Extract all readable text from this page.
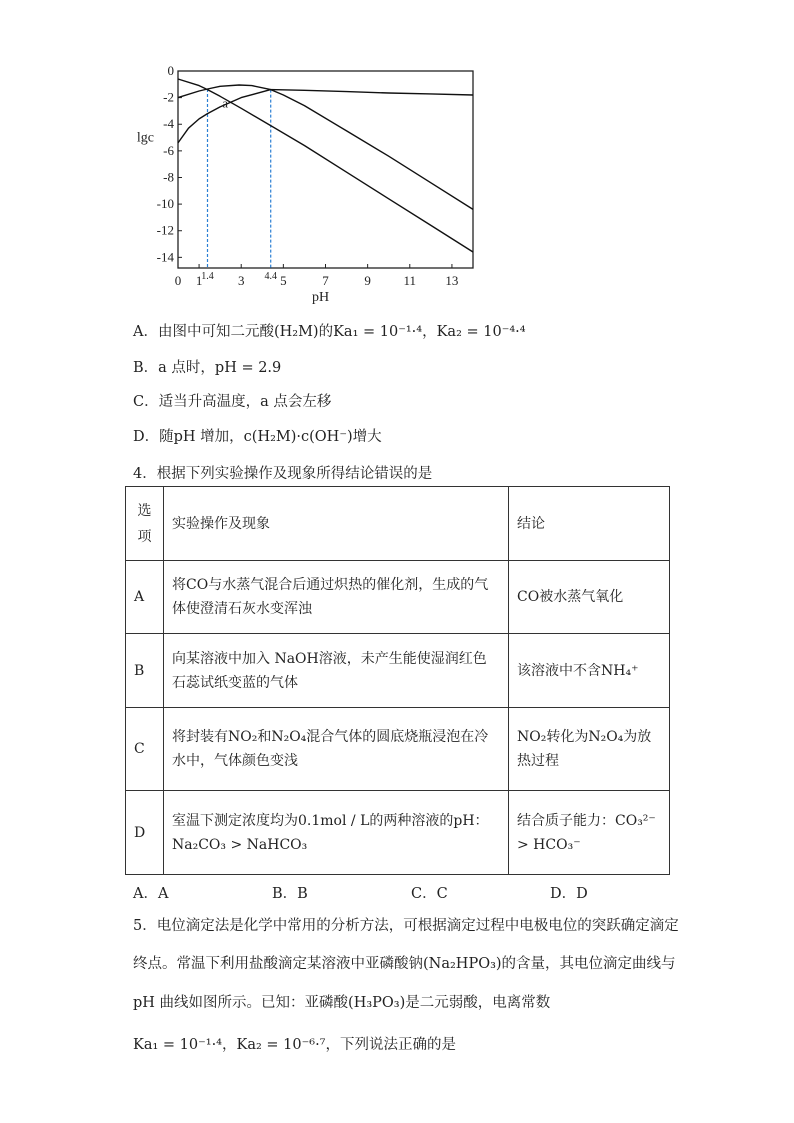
0
-2
-4
-6
-8
-10
-12
-14
0 1	3	5	7	9	11 13
lgc
pH
1.4	4.4
a
A．由图中可知二元酸(H₂M)的Ka₁ = 10⁻¹·⁴，Ka₂ = 10⁻⁴·⁴
B．a 点时，pH = 2.9
C．适当升高温度，a 点会左移
D．随pH 增加，c(H₂M)·c(OH⁻)增大
4．根据下列实验操作及现象所得结论错误的是
选项	实验操作及现象	结论
A	将CO与水蒸气混合后通过炽热的催化剂，生成的气体使澄清石灰水变浑浊	CO被水蒸气氧化
B	向某溶液中加入 NaOH溶液，未产生能使湿润红色石蕊试纸变蓝的气体	该溶液中不含NH₄⁺
C	将封装有NO₂和N₂O₄混合气体的圆底烧瓶浸泡在冷水中，气体颜色变浅	NO₂转化为N₂O₄为放热过程
D	室温下测定浓度均为0.1mol / L的两种溶液的pH：Na₂CO₃ > NaHCO₃	结合质子能力：CO₃²⁻ > HCO₃⁻
A．A	B．B	C．C	D．D
5．电位滴定法是化学中常用的分析方法，可根据滴定过程中电极电位的突跃确定滴定
终点。常温下利用盐酸滴定某溶液中亚磷酸钠(Na₂HPO₃)的含量，其电位滴定曲线与
pH 曲线如图所示。已知：亚磷酸(H₃PO₃)是二元弱酸，电离常数
Ka₁ = 10⁻¹·⁴，Ka₂ = 10⁻⁶·⁷，下列说法正确的是
